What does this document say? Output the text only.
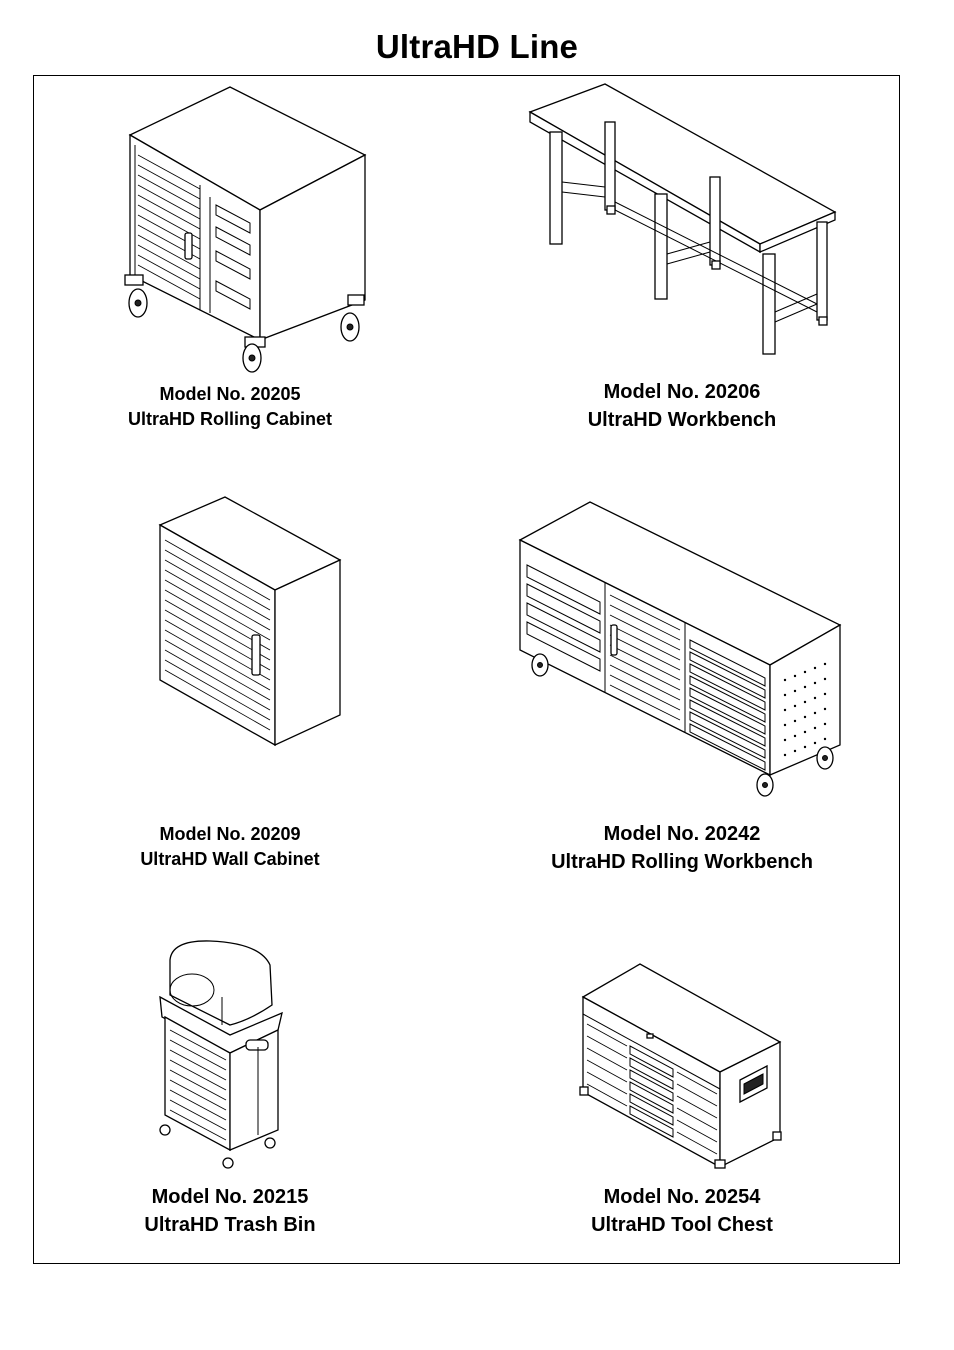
UltraHD Line
Model No. 20205
UltraHD Rolling Cabinet
Model No. 20206
UltraHD Workbench
Model No. 20209
UltraHD Wall Cabinet
Model No. 20242
UltraHD Rolling Workbench
Model No. 20215
UltraHD Trash Bin
Model No. 20254
UltraHD Tool Chest
